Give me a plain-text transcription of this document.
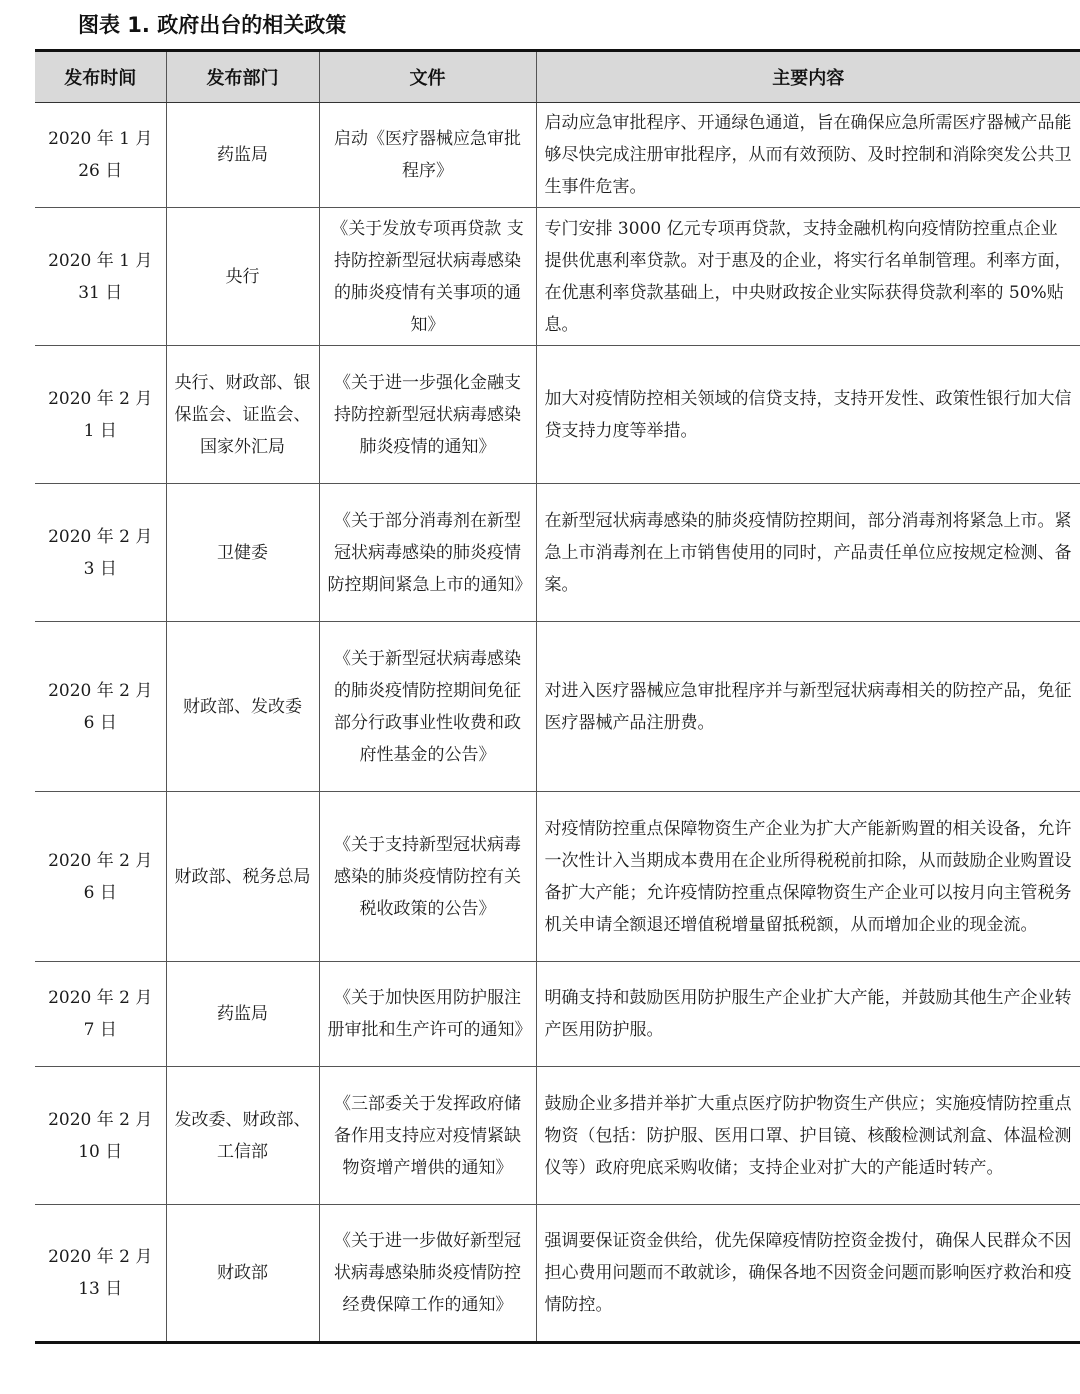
图表 1. 政府出台的相关政策
发布时间	发布部门	文件	主要内容
2020 年 1 月 26 日	药监局	启动《医疗器械应急审批程序》	启动应急审批程序、开通绿色通道，旨在确保应急所需医疗器械产品能够尽快完成注册审批程序，从而有效预防、及时控制和消除突发公共卫生事件危害。
2020 年 1 月 31 日	央行	《关于发放专项再贷款 支持防控新型冠状病毒感染的肺炎疫情有关事项的通知》	专门安排 3000 亿元专项再贷款，支持金融机构向疫情防控重点企业提供优惠利率贷款。对于惠及的企业，将实行名单制管理。利率方面，在优惠利率贷款基础上，中央财政按企业实际获得贷款利率的 50%贴息。
2020 年 2 月 1 日	央行、财政部、银保监会、证监会、国家外汇局	《关于进一步强化金融支持防控新型冠状病毒感染肺炎疫情的通知》	加大对疫情防控相关领域的信贷支持，支持开发性、政策性银行加大信贷支持力度等举措。
2020 年 2 月 3 日	卫健委	《关于部分消毒剂在新型冠状病毒感染的肺炎疫情防控期间紧急上市的通知》	在新型冠状病毒感染的肺炎疫情防控期间，部分消毒剂将紧急上市。紧急上市消毒剂在上市销售使用的同时，产品责任单位应按规定检测、备案。
2020 年 2 月 6 日	财政部、发改委	《关于新型冠状病毒感染的肺炎疫情防控期间免征部分行政事业性收费和政府性基金的公告》	对进入医疗器械应急审批程序并与新型冠状病毒相关的防控产品，免征医疗器械产品注册费。
2020 年 2 月 6 日	财政部、税务总局	《关于支持新型冠状病毒感染的肺炎疫情防控有关税收政策的公告》	对疫情防控重点保障物资生产企业为扩大产能新购置的相关设备，允许一次性计入当期成本费用在企业所得税税前扣除，从而鼓励企业购置设备扩大产能；允许疫情防控重点保障物资生产企业可以按月向主管税务机关申请全额退还增值税增量留抵税额，从而增加企业的现金流。
2020 年 2 月 7 日	药监局	《关于加快医用防护服注册审批和生产许可的通知》	明确支持和鼓励医用防护服生产企业扩大产能，并鼓励其他生产企业转产医用防护服。
2020 年 2 月 10 日	发改委、财政部、工信部	《三部委关于发挥政府储备作用支持应对疫情紧缺物资增产增供的通知》	鼓励企业多措并举扩大重点医疗防护物资生产供应；实施疫情防控重点物资（包括：防护服、医用口罩、护目镜、核酸检测试剂盒、体温检测仪等）政府兜底采购收储；支持企业对扩大的产能适时转产。
2020 年 2 月 13 日	财政部	《关于进一步做好新型冠状病毒感染肺炎疫情防控经费保障工作的通知》	强调要保证资金供给，优先保障疫情防控资金拨付，确保人民群众不因担心费用问题而不敢就诊，确保各地不因资金问题而影响医疗救治和疫情防控。
